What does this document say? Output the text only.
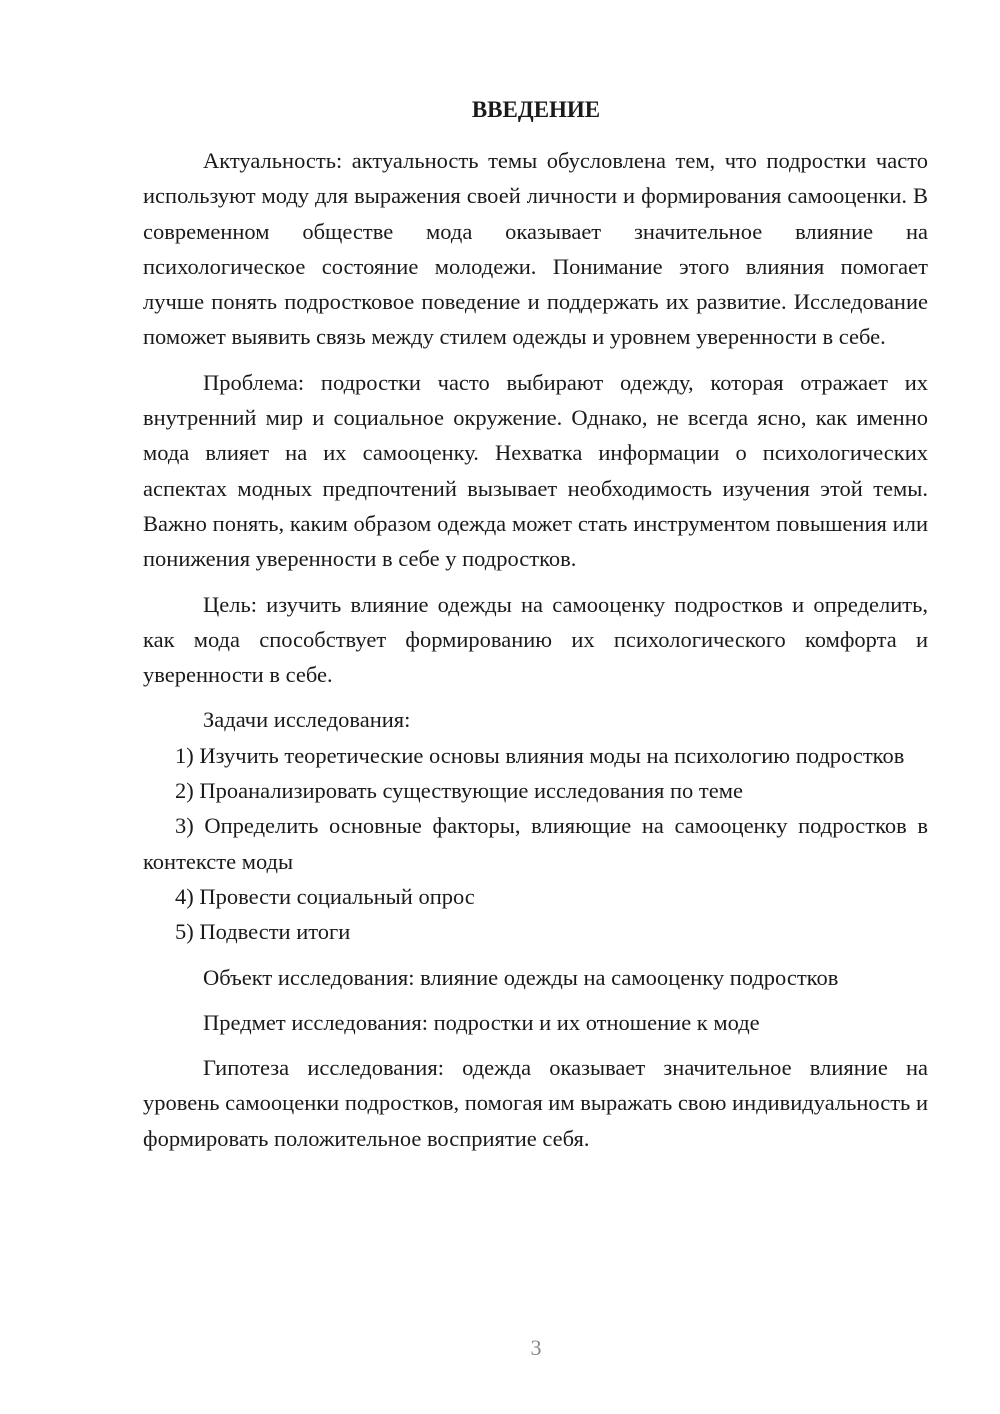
ВВЕДЕНИЕ

Актуальность: актуальность темы обусловлена тем, что подростки часто используют моду для выражения своей личности и формирования самооценки. В современном обществе мода оказывает значительное влияние на психологическое состояние молодежи. Понимание этого влияния помогает лучше понять подростковое поведение и поддержать их развитие. Исследование поможет выявить связь между стилем одежды и уровнем уверенности в себе.

Проблема: подростки часто выбирают одежду, которая отражает их внутренний мир и социальное окружение. Однако, не всегда ясно, как именно мода влияет на их самооценку. Нехватка информации о психологических аспектах модных предпочтений вызывает необходимость изучения этой темы. Важно понять, каким образом одежда может стать инструментом повышения или понижения уверенности в себе у подростков.

Цель: изучить влияние одежды на самооценку подростков и определить, как мода способствует формированию их психологического комфорта и уверенности в себе.

Задачи исследования:

1) Изучить теоретические основы влияния моды на психологию подростков

2) Проанализировать существующие исследования по теме

3) Определить основные факторы, влияющие на самооценку подростков в контексте моды

4) Провести социальный опрос

5) Подвести итоги

Объект исследования: влияние одежды на самооценку подростков

Предмет исследования: подростки и их отношение к моде

Гипотеза исследования: одежда оказывает значительное влияние на уровень самооценки подростков, помогая им выражать свою индивидуальность и формировать положительное восприятие себя.

3
